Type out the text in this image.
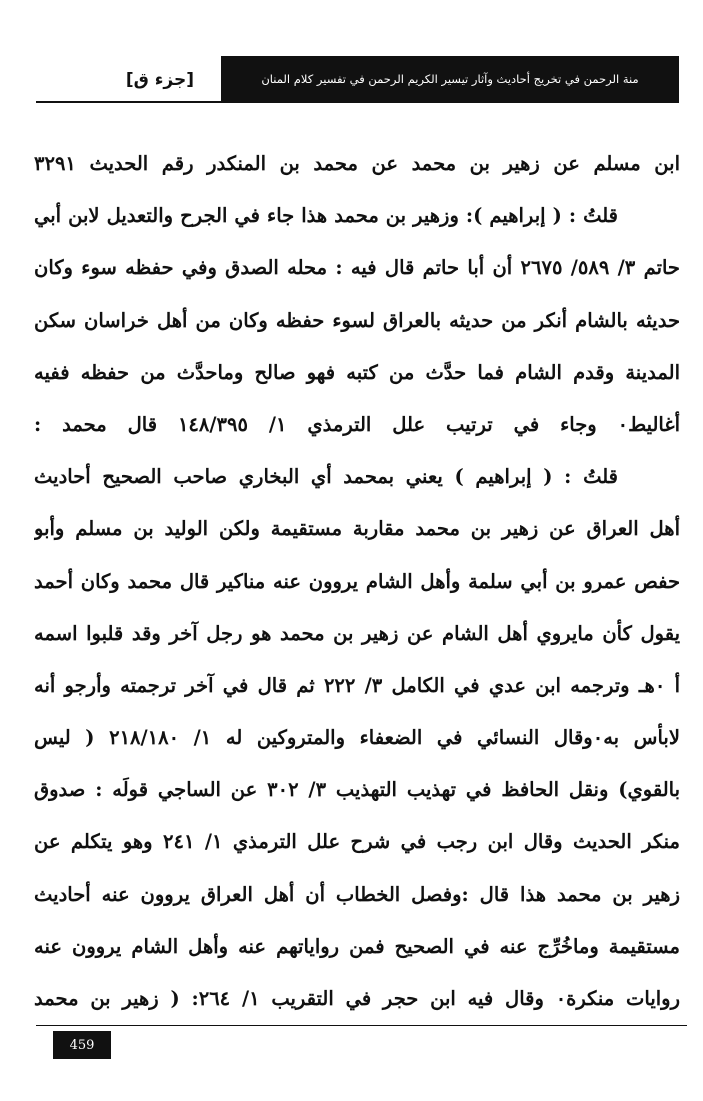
منة الرحمن في تخريج أحاديث وآثار تيسير الكريم الرحمن في تفسير كلام المنان
[جزء ق]
ابن مسلم عن زهير بن محمد عن محمد بن المنكدر رقم الحديث ٣٢٩١
قلتُ : ( إبراهيم ): وزهير بن محمد هذا جاء في الجرح والتعديل لابن أبي
حاتم ٣/ ٥٨٩/ ٢٦٧٥ أن أبا حاتم قال فيه : محله الصدق وفي حفظه سوء وكان
حديثه بالشام أنكر من حديثه بالعراق لسوء حفظه وكان من أهل خراسان سكن
المدينة وقدم الشام فما حدَّث من كتبه فهو صالح وماحدَّث من حفظه ففيه
أغاليط٠ وجاء في ترتيب علل الترمذي ١/ ١٤٨/٣٩٥ قال محمد :
قلتُ : ( إبراهيم ) يعني بمحمد أي البخاري صاحب الصحيح أحاديث
أهل العراق عن زهير بن محمد مقاربة مستقيمة ولكن الوليد بن مسلم وأبو
حفص عمرو بن أبي سلمة وأهل الشام يروون عنه مناكير قال محمد وكان أحمد
يقول كأن مايروي أهل الشام عن زهير بن محمد هو رجل آخر وقد قلبوا اسمه
أ ٠هـ وترجمه ابن عدي في الكامل ٣/ ٢٢٢ ثم قال في آخر ترجمته وأرجو أنه
لابأس به٠وقال النسائي في الضعفاء والمتروكين له ١/ ٢١٨/١٨٠ ( ليس
بالقوي) ونقل الحافظ في تهذيب التهذيب ٣/ ٣٠٢ عن الساجي قولَه : صدوق
منكر الحديث وقال ابن رجب في شرح علل الترمذي ١/ ٢٤١ وهو يتكلم عن
زهير بن محمد هذا قال :وفصل الخطاب أن أهل العراق يروون عنه أحاديث
مستقيمة وماخُرِّج عنه في الصحيح فمن رواياتهم عنه وأهل الشام يروون عنه
روايات منكرة٠ وقال فيه ابن حجر في التقريب ١/ ٢٦٤: ( زهير بن محمد
459
